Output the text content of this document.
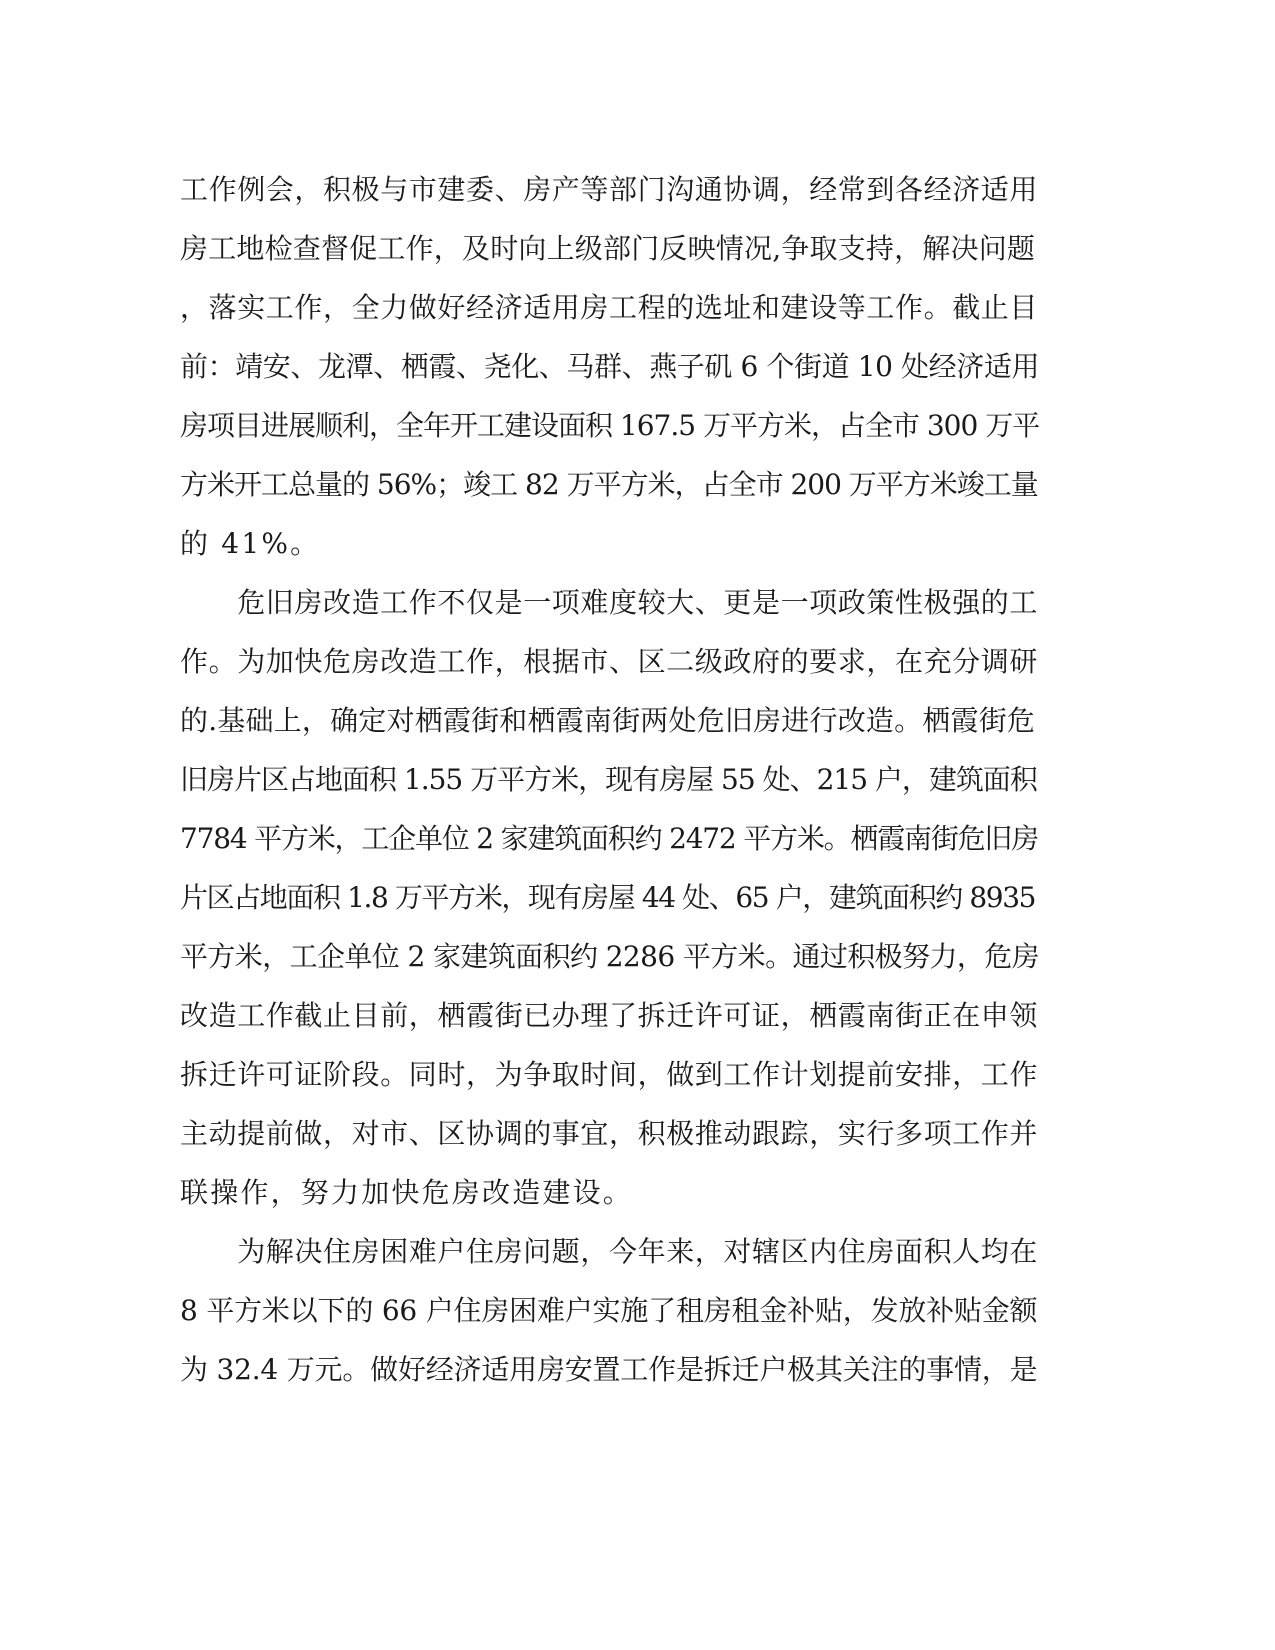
工作例会，积极与市建委、房产等部门沟通协调，经常到各经济适用
房工地检查督促工作，及时向上级部门反映情况,争取支持，解决问题
，落实工作，全力做好经济适用房工程的选址和建设等工作。截止目
前：靖安、龙潭、栖霞、尧化、马群、燕子矶 6 个街道 10 处经济适用
房项目进展顺利，全年开工建设面积 167.5 万平方米，占全市 300 万平
方米开工总量的 56%；竣工 82 万平方米，占全市 200 万平方米竣工量
的 41%。
　　危旧房改造工作不仅是一项难度较大、更是一项政策性极强的工
作。为加快危房改造工作，根据市、区二级政府的要求，在充分调研
的.基础上，确定对栖霞街和栖霞南街两处危旧房进行改造。栖霞街危
旧房片区占地面积 1.55 万平方米，现有房屋 55 处、215 户，建筑面积
7784 平方米，工企单位 2 家建筑面积约 2472 平方米。栖霞南街危旧房
片区占地面积 1.8 万平方米，现有房屋 44 处、65 户，建筑面积约 8935
平方米，工企单位 2 家建筑面积约 2286 平方米。通过积极努力，危房
改造工作截止目前，栖霞街已办理了拆迁许可证，栖霞南街正在申领
拆迁许可证阶段。同时，为争取时间，做到工作计划提前安排，工作
主动提前做，对市、区协调的事宜，积极推动跟踪，实行多项工作并
联操作，努力加快危房改造建设。
　　为解决住房困难户住房问题，今年来，对辖区内住房面积人均在
8 平方米以下的 66 户住房困难户实施了租房租金补贴，发放补贴金额
为 32.4 万元。做好经济适用房安置工作是拆迁户极其关注的事情，是
